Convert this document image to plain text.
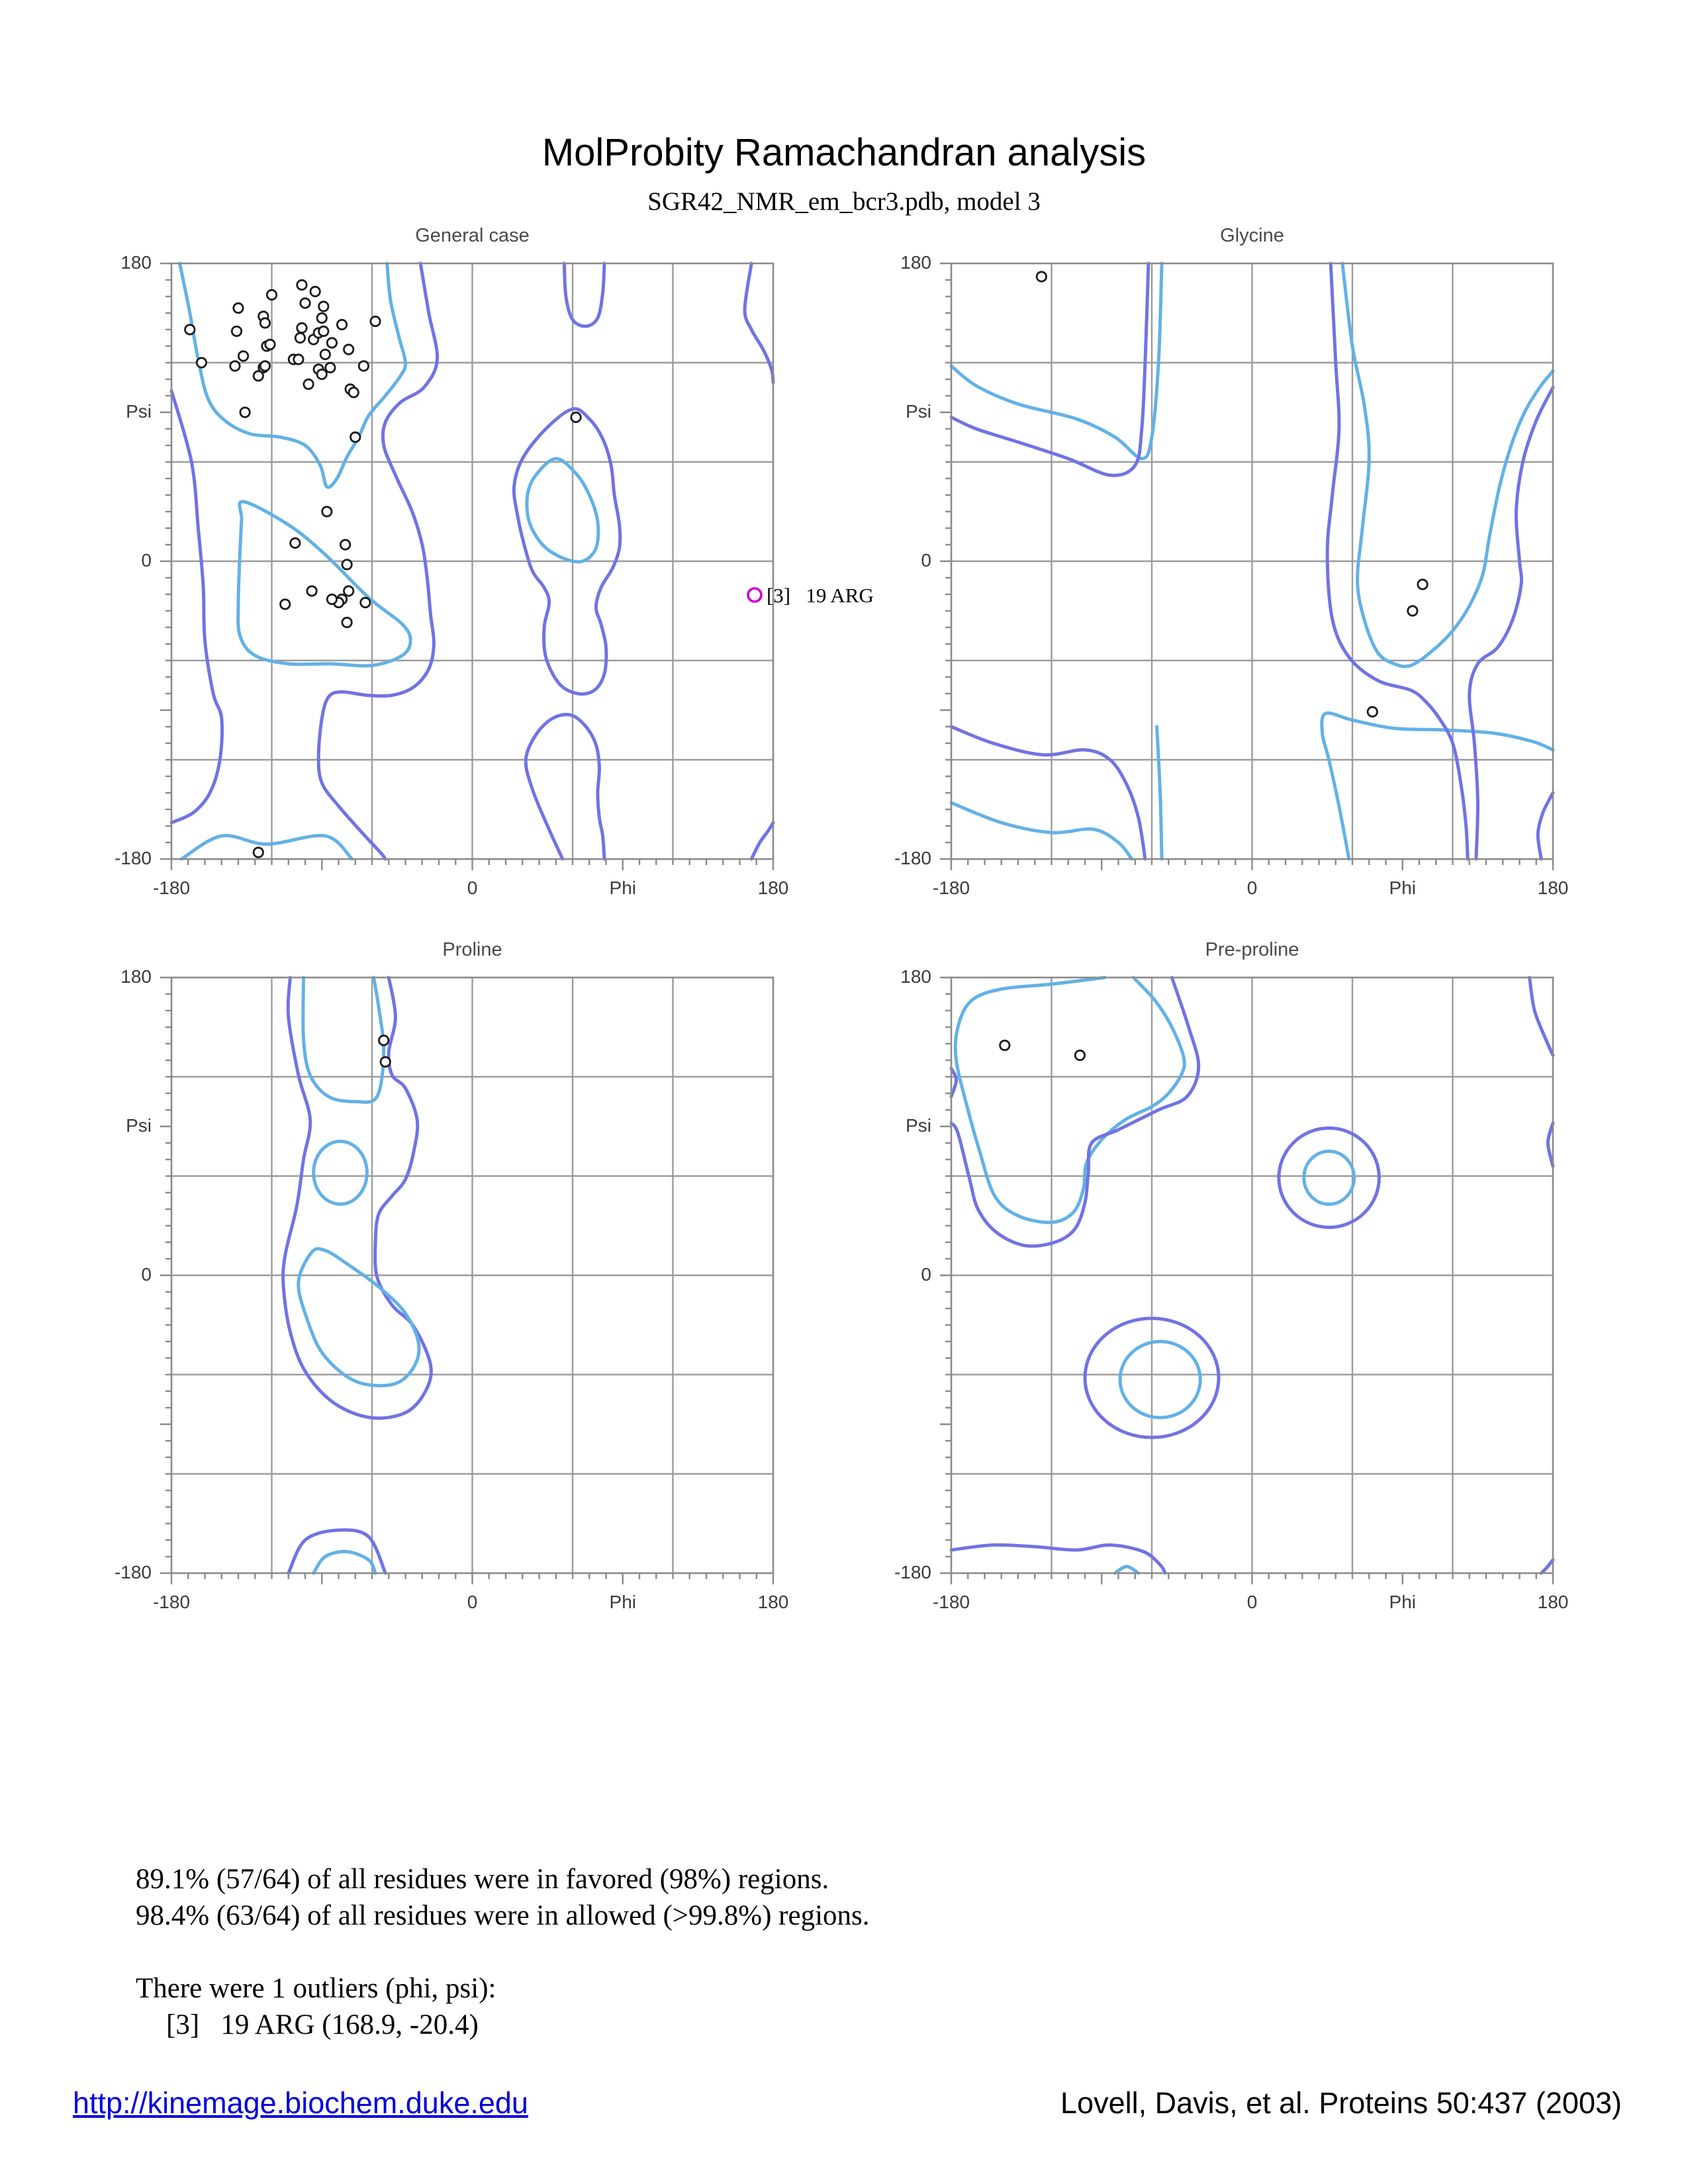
MolProbity Ramachandran analysis
SGR42_NMR_em_bcr3.pdb, model 3
General case
[3]  19 ARG
Glycine
Proline	Pre-proline
89.1% (57/64) of all residues were in favored (98%) regions.
98.4% (63/64) of all residues were in allowed (>99.8%) regions.
There were 1 outliers (phi, psi):
[3]   19 ARG (168.9, -20.4)
http://kinemage.biochem.duke.edu	Lovell, Davis, et al. Proteins 50:437 (2003)
180
Psi
0
-180
-180	0	Phi	180
180
Psi
0
-180
-180	0	Phi	180
180
Psi
0
-180
-180	0	Phi	180
180
Psi
0
-180
-180	0	Phi	180
